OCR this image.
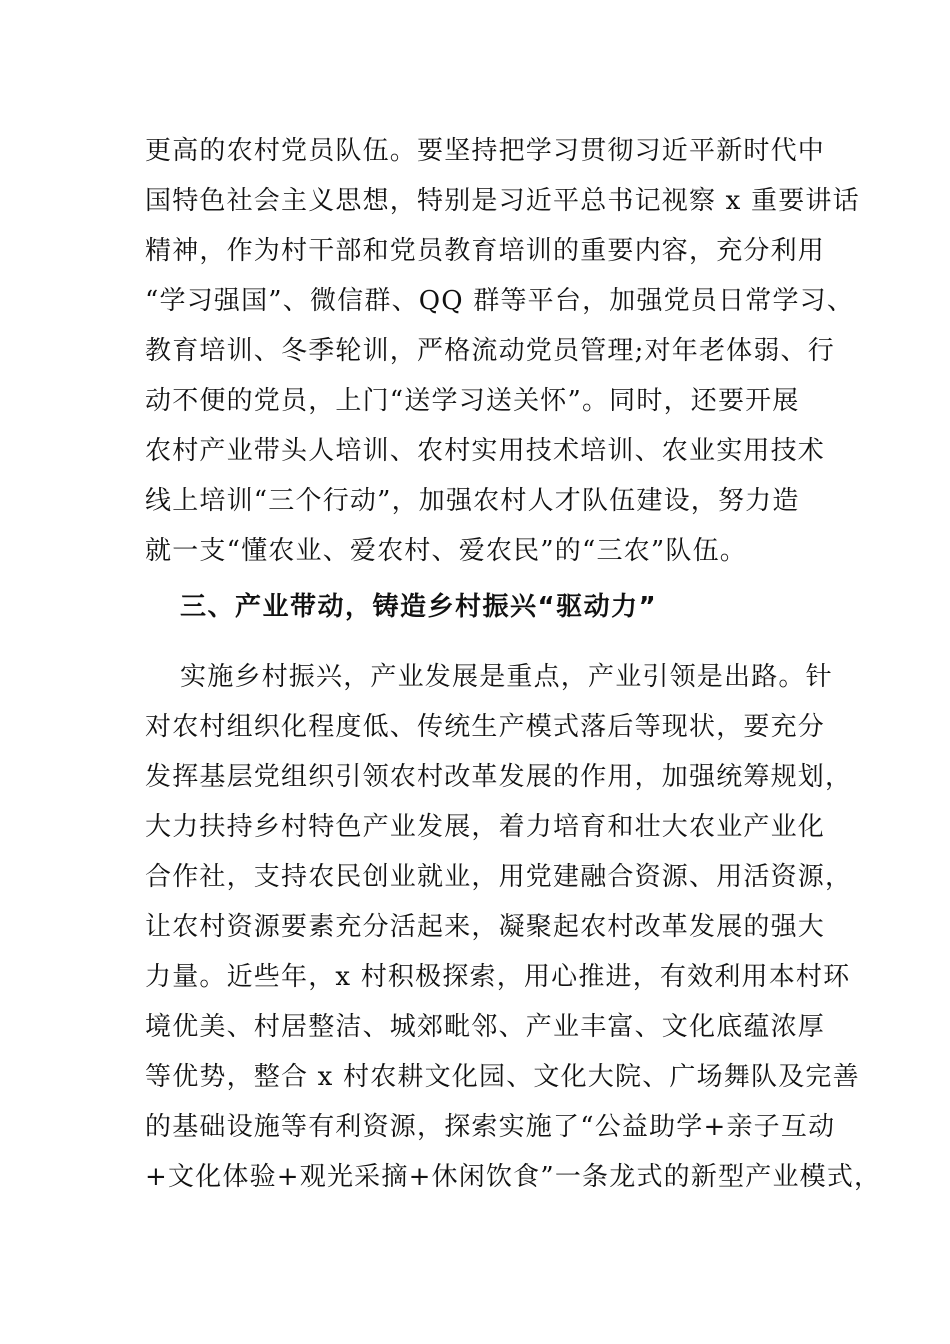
更高的农村党员队伍。要坚持把学习贯彻习近平新时代中
国特色社会主义思想，特别是习近平总书记视察 x 重要讲话
精神，作为村干部和党员教育培训的重要内容，充分利用
“学习强国”、微信群、QQ 群等平台，加强党员日常学习、
教育培训、冬季轮训，严格流动党员管理;对年老体弱、行
动不便的党员，上门“送学习送关怀”。同时，还要开展
农村产业带头人培训、农村实用技术培训、农业实用技术
线上培训“三个行动”，加强农村人才队伍建设，努力造
就一支“懂农业、爱农村、爱农民”的“三农”队伍。
三、产业带动，铸造乡村振兴“驱动力”
实施乡村振兴，产业发展是重点，产业引领是出路。针
对农村组织化程度低、传统生产模式落后等现状，要充分
发挥基层党组织引领农村改革发展的作用，加强统筹规划，
大力扶持乡村特色产业发展，着力培育和壮大农业产业化
合作社，支持农民创业就业，用党建融合资源、用活资源，
让农村资源要素充分活起来，凝聚起农村改革发展的强大
力量。近些年，x 村积极探索，用心推进，有效利用本村环
境优美、村居整洁、城郊毗邻、产业丰富、文化底蕴浓厚
等优势，整合 x 村农耕文化园、文化大院、广场舞队及完善
的基础设施等有利资源，探索实施了“公益助学+亲子互动
+文化体验+观光采摘+休闲饮食”一条龙式的新型产业模式，
